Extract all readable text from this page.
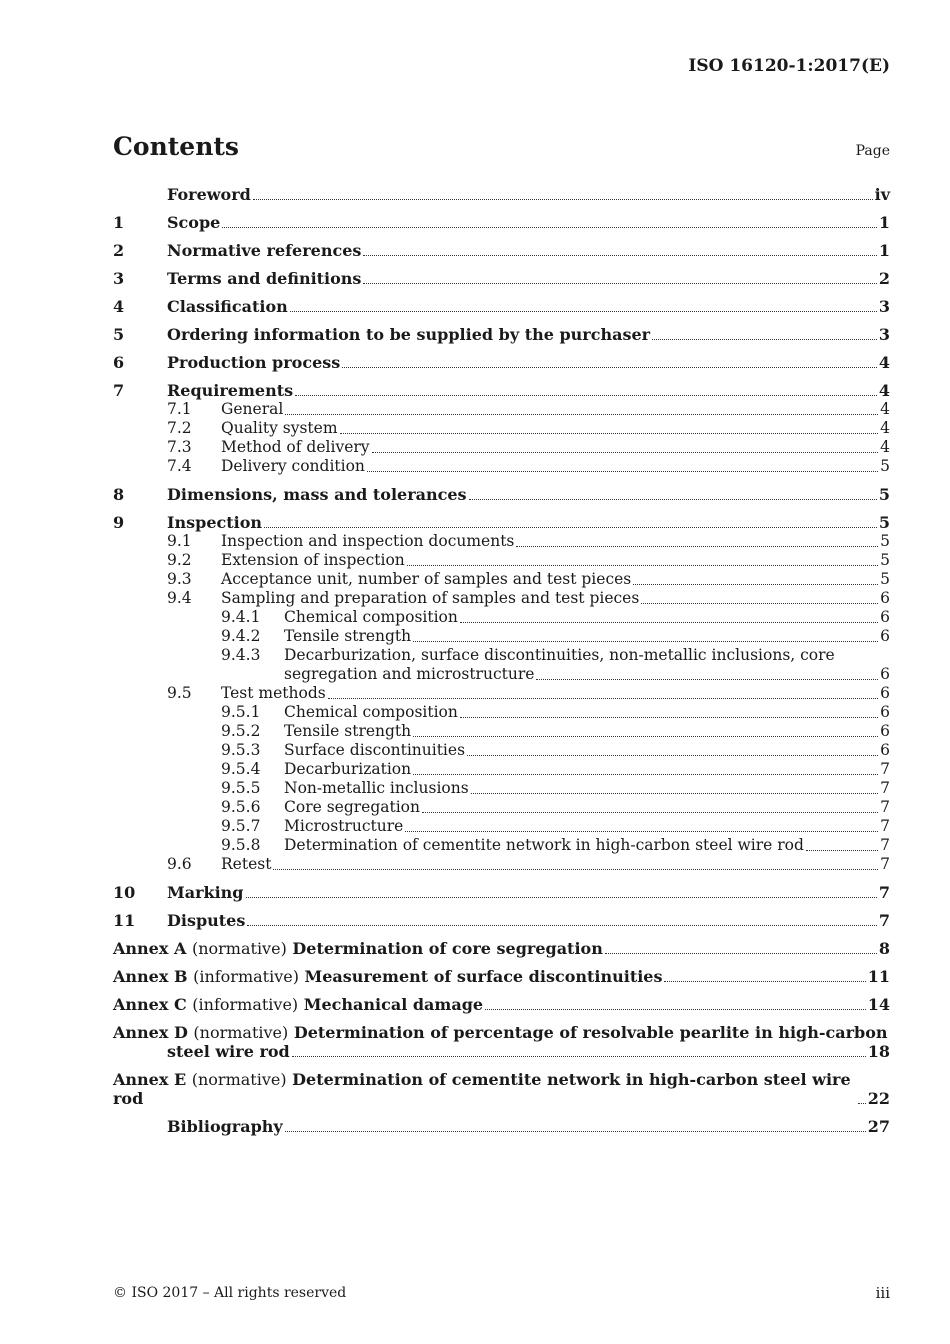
ISO 16120-1:2017(E)
Contents	Page
Foreword	iv
1	Scope	1
2	Normative references	1
3	Terms and definitions	2
4	Classification	3
5	Ordering information to be supplied by the purchaser	3
6	Production process	4
7	Requirements	4
7.1	General	4
7.2	Quality system	4
7.3	Method of delivery	4
7.4	Delivery condition	5
8	Dimensions, mass and tolerances	5
9	Inspection	5
9.1	Inspection and inspection documents	5
9.2	Extension of inspection	5
9.3	Acceptance unit, number of samples and test pieces	5
9.4	Sampling and preparation of samples and test pieces	6
9.4.1	Chemical composition	6
9.4.2	Tensile strength	6
9.4.3	Decarburization, surface discontinuities, non-metallic inclusions, core
segregation and microstructure	6
9.5	Test methods	6
9.5.1	Chemical composition	6
9.5.2	Tensile strength	6
9.5.3	Surface discontinuities	6
9.5.4	Decarburization	7
9.5.5	Non-metallic inclusions	7
9.5.6	Core segregation	7
9.5.7	Microstructure	7
9.5.8	Determination of cementite network in high-carbon steel wire rod	7
9.6	Retest	7
10	Marking	7
11	Disputes	7
Annex A (normative) Determination of core segregation	8
Annex B (informative) Measurement of surface discontinuities	11
Annex C (informative) Mechanical damage	14
Annex D (normative) Determination of percentage of resolvable pearlite in high-carbon
steel wire rod	18
Annex E (normative) Determination of cementite network in high-carbon steel wire rod	22
Bibliography	27
© ISO 2017 – All rights reserved	iii
